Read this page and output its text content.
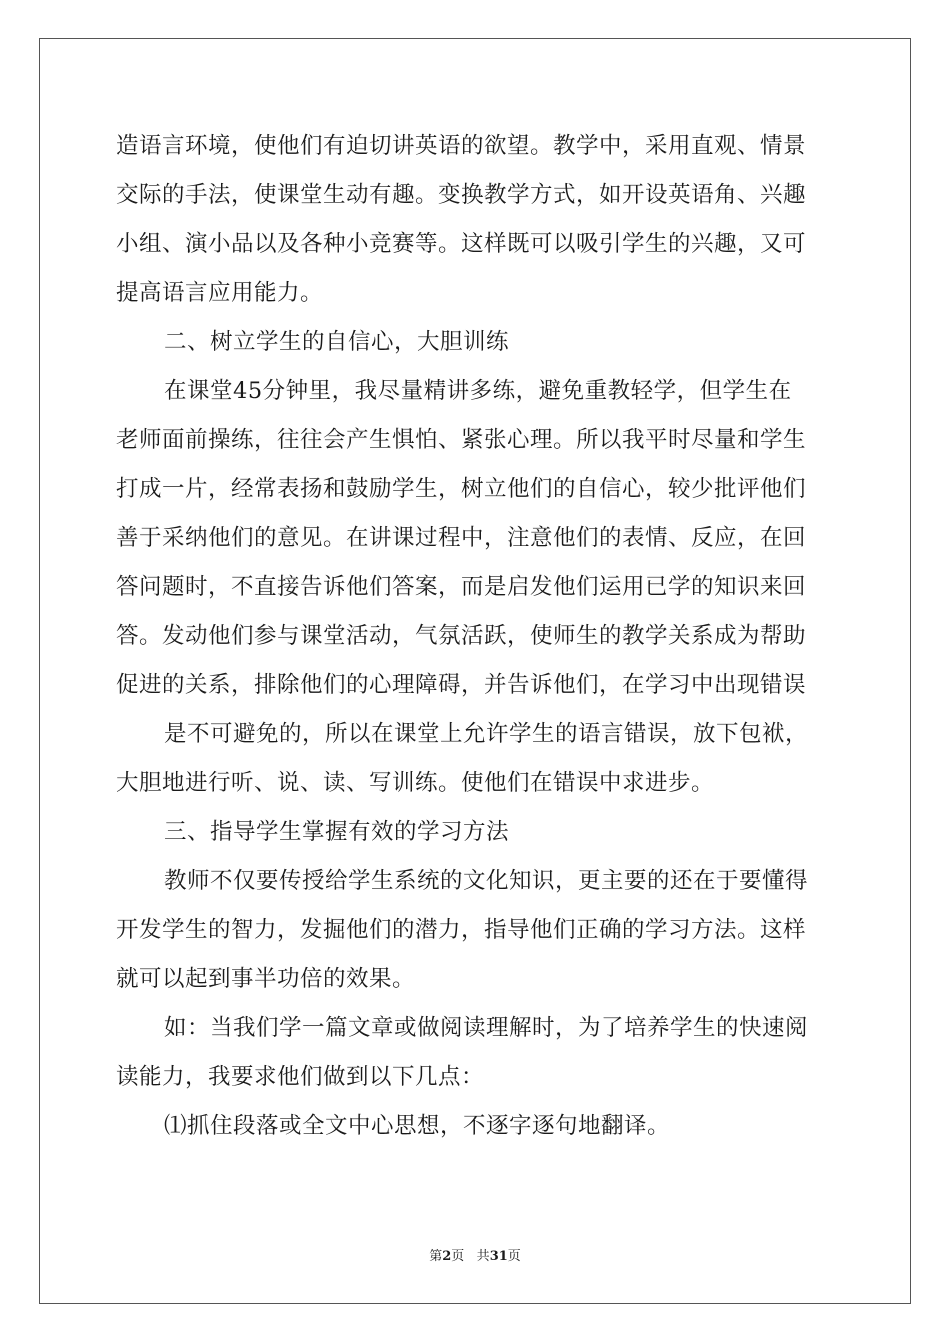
造语言环境，使他们有迫切讲英语的欲望。教学中，采用直观、情景
交际的手法，使课堂生动有趣。变换教学方式，如开设英语角、兴趣
小组、演小品以及各种小竞赛等。这样既可以吸引学生的兴趣，又可
提高语言应用能力。
二、树立学生的自信心，大胆训练
在课堂45分钟里，我尽量精讲多练，避免重教轻学，但学生在
老师面前操练，往往会产生惧怕、紧张心理。所以我平时尽量和学生
打成一片，经常表扬和鼓励学生，树立他们的自信心，较少批评他们
善于采纳他们的意见。在讲课过程中，注意他们的表情、反应，在回
答问题时，不直接告诉他们答案，而是启发他们运用已学的知识来回
答。发动他们参与课堂活动，气氛活跃，使师生的教学关系成为帮助
促进的关系，排除他们的心理障碍，并告诉他们，在学习中出现错误
是不可避免的，所以在课堂上允许学生的语言错误，放下包袱，
大胆地进行听、说、读、写训练。使他们在错误中求进步。
三、指导学生掌握有效的学习方法
教师不仅要传授给学生系统的文化知识，更主要的还在于要懂得
开发学生的智力，发掘他们的潜力，指导他们正确的学习方法。这样
就可以起到事半功倍的效果。
如：当我们学一篇文章或做阅读理解时，为了培养学生的快速阅
读能力，我要求他们做到以下几点：
⑴抓住段落或全文中心思想，不逐字逐句地翻译。
第2页 共31页
